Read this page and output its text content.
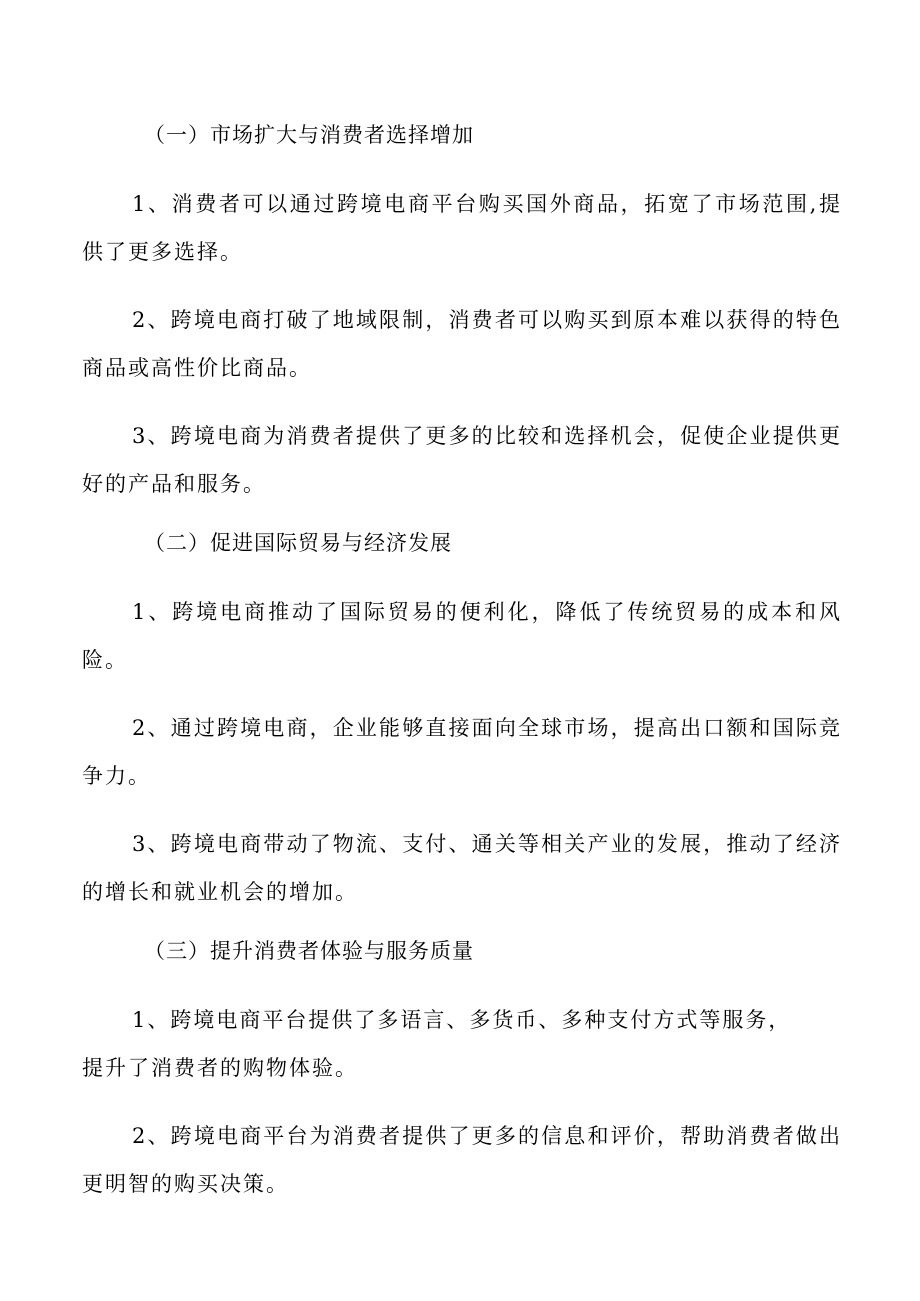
（一）市场扩大与消费者选择增加

1、消费者可以通过跨境电商平台购买国外商品，拓宽了市场范围,提供了更多选择。

2、跨境电商打破了地域限制，消费者可以购买到原本难以获得的特色商品或高性价比商品。

3、跨境电商为消费者提供了更多的比较和选择机会，促使企业提供更好的产品和服务。

（二）促进国际贸易与经济发展

1、跨境电商推动了国际贸易的便利化，降低了传统贸易的成本和风险。

2、通过跨境电商，企业能够直接面向全球市场，提高出口额和国际竞争力。

3、跨境电商带动了物流、支付、通关等相关产业的发展，推动了经济的增长和就业机会的增加。

（三）提升消费者体验与服务质量

1、跨境电商平台提供了多语言、多货币、多种支付方式等服务，

提升了消费者的购物体验。

2、跨境电商平台为消费者提供了更多的信息和评价，帮助消费者做出更明智的购买决策。
